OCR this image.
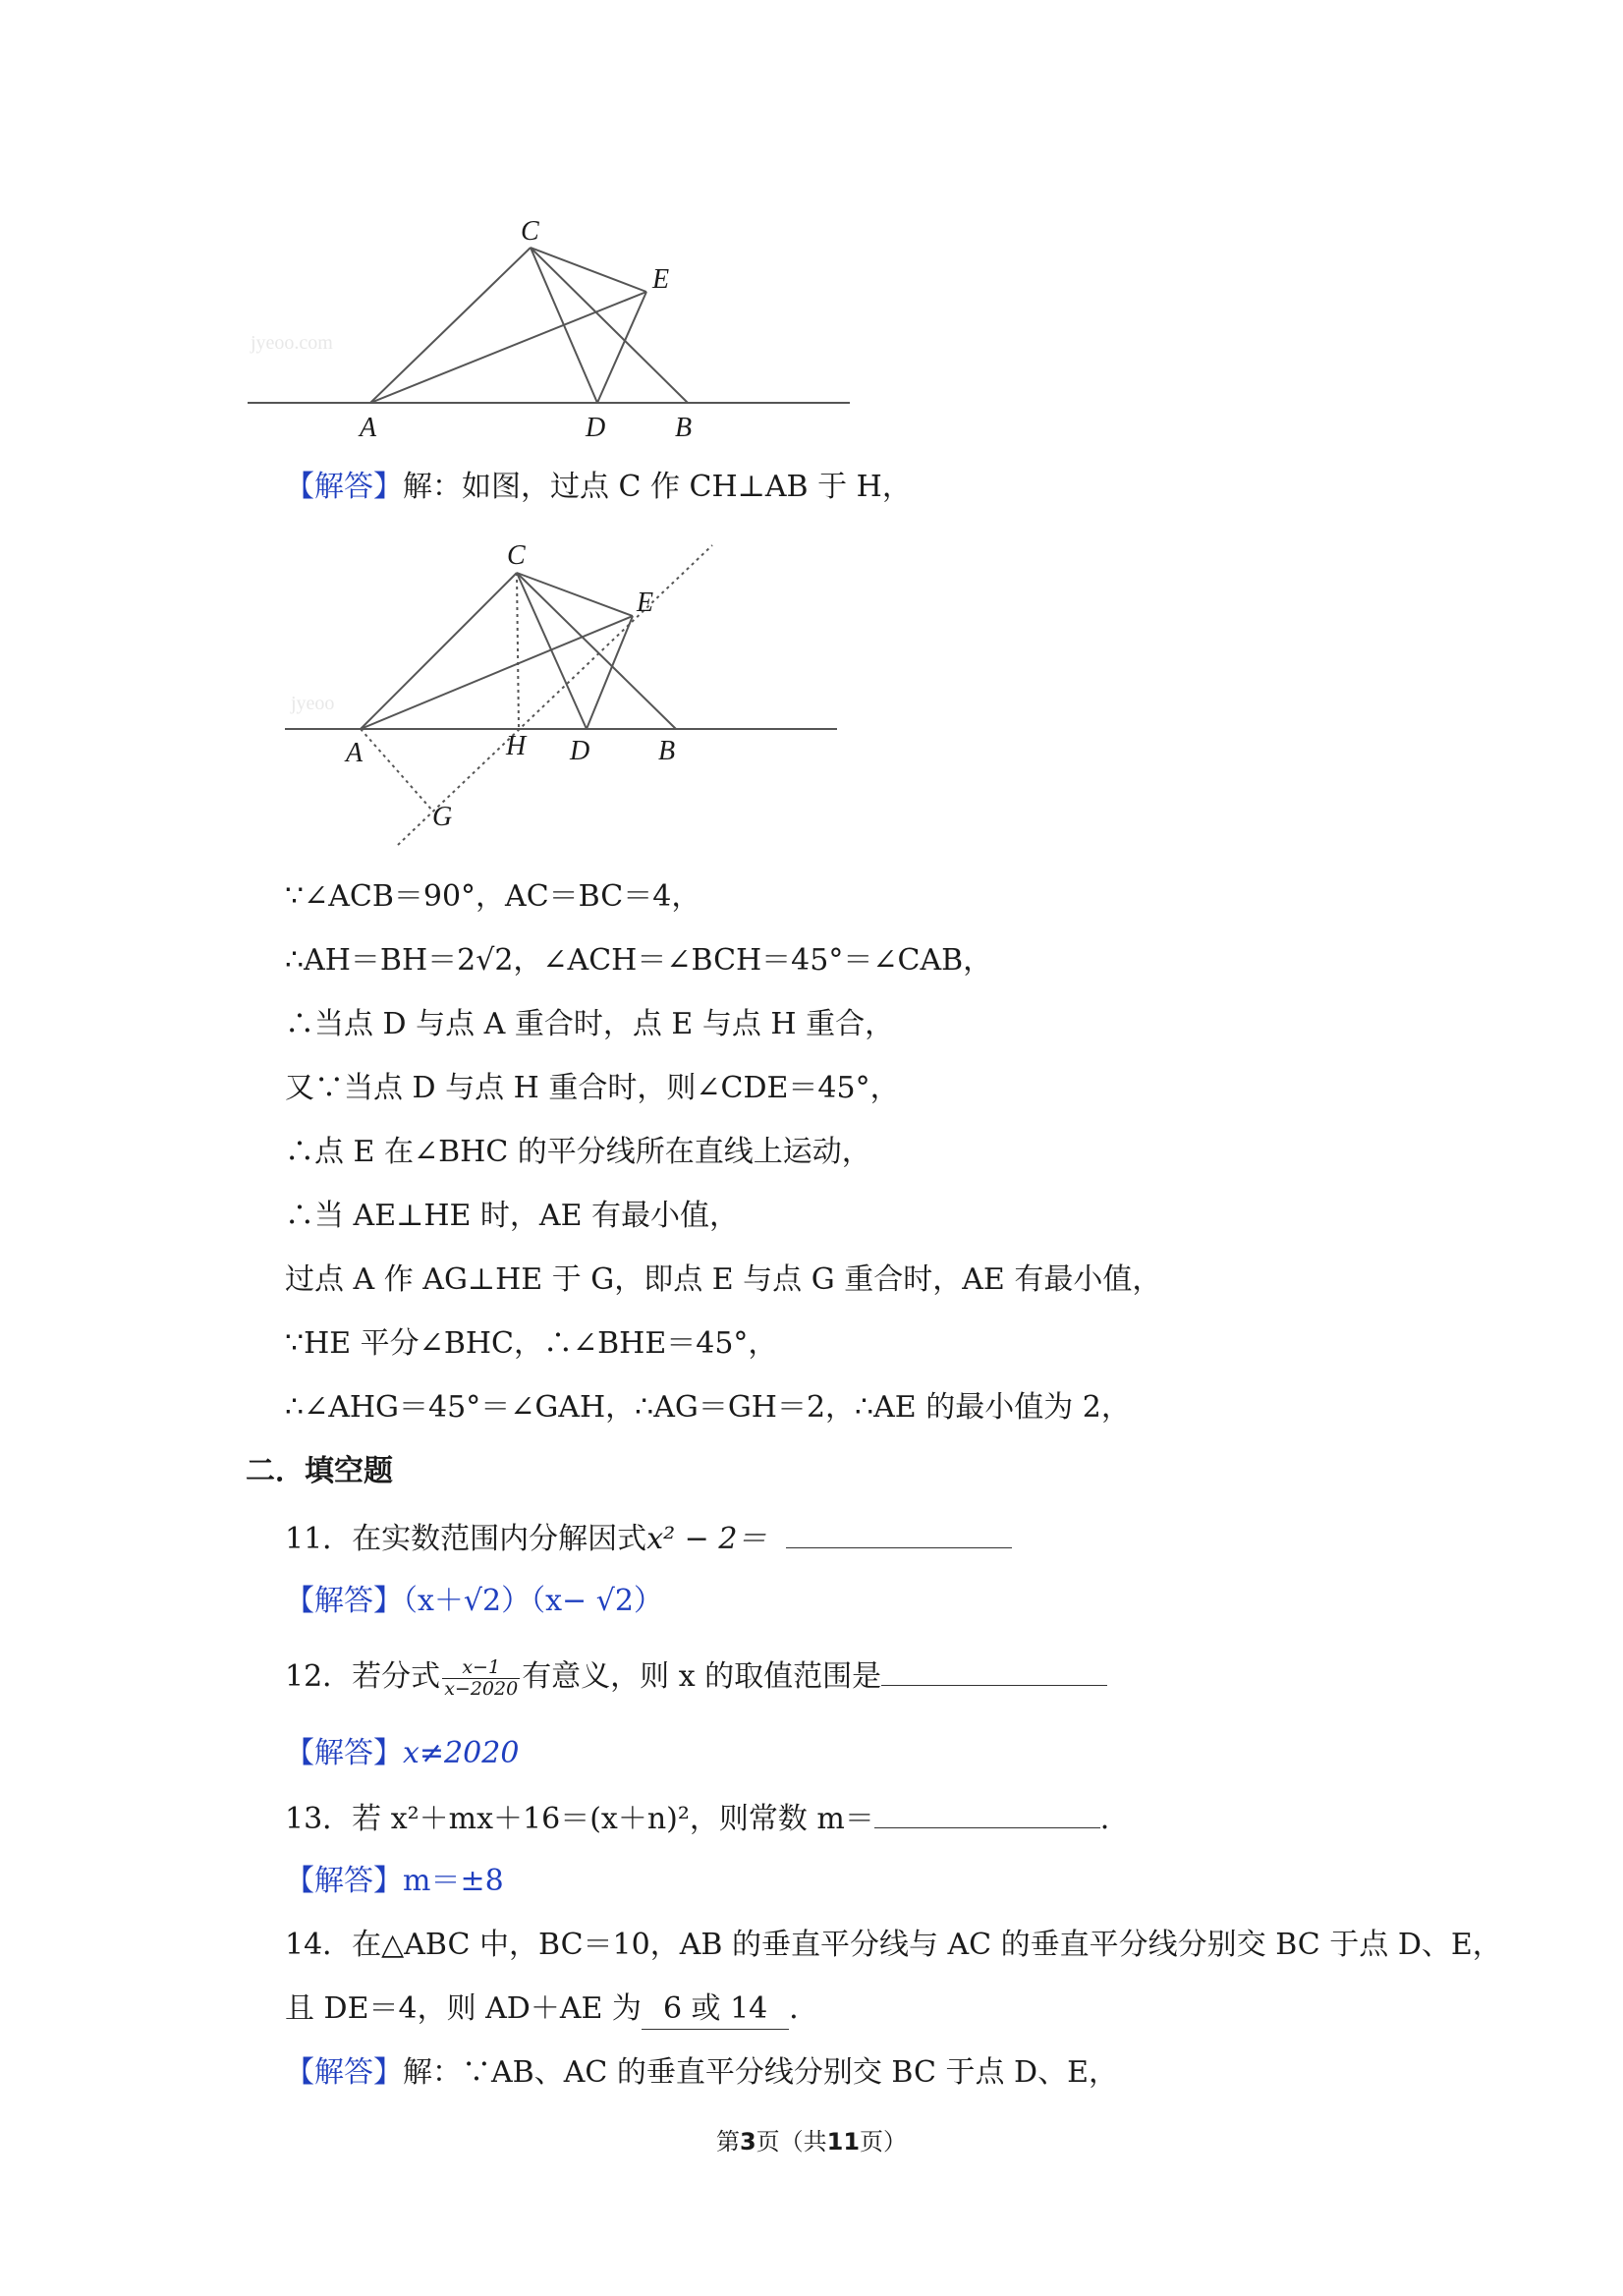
jyeoo.com
C
E
A	D	B
jyeoo
C
E
A	H D B
G
【解答】解：如图，过点 C 作 CH⊥AB 于 H，
∵∠ACB＝90°，AC＝BC＝4，
∴AH＝BH＝2√2，∠ACH＝∠BCH＝45°＝∠CAB，
∴当点 D 与点 A 重合时，点 E 与点 H 重合，
又∵当点 D 与点 H 重合时，则∠CDE＝45°，
∴点 E 在∠BHC 的平分线所在直线上运动，
∴当 AE⊥HE 时，AE 有最小值，
过点 A 作 AG⊥HE 于 G，即点 E 与点 G 重合时，AE 有最小值，
∵HE 平分∠BHC，∴∠BHE＝45°，
∴∠AHG＝45°＝∠GAH，∴AG＝GH＝2，∴AE 的最小值为 2，
二．填空题
11．在实数范围内分解因式x² − 2＝
【解答】（x＋√2）（x− √2）
12．若分式 $\frac{x-1}{x-2020}$ 有意义，则 x 的取值范围是
【解答】x≠2020
13．若 x²＋mx＋16＝(x＋n)²，则常数 m＝	．
【解答】m＝±8
14．在△ABC 中，BC＝10，AB 的垂直平分线与 AC 的垂直平分线分别交 BC 于点 D、E，
且 DE＝4，则 AD＋AE 为 6 或 14 ．
【解答】解：∵AB、AC 的垂直平分线分别交 BC 于点 D、E，
第3页（共11页）
